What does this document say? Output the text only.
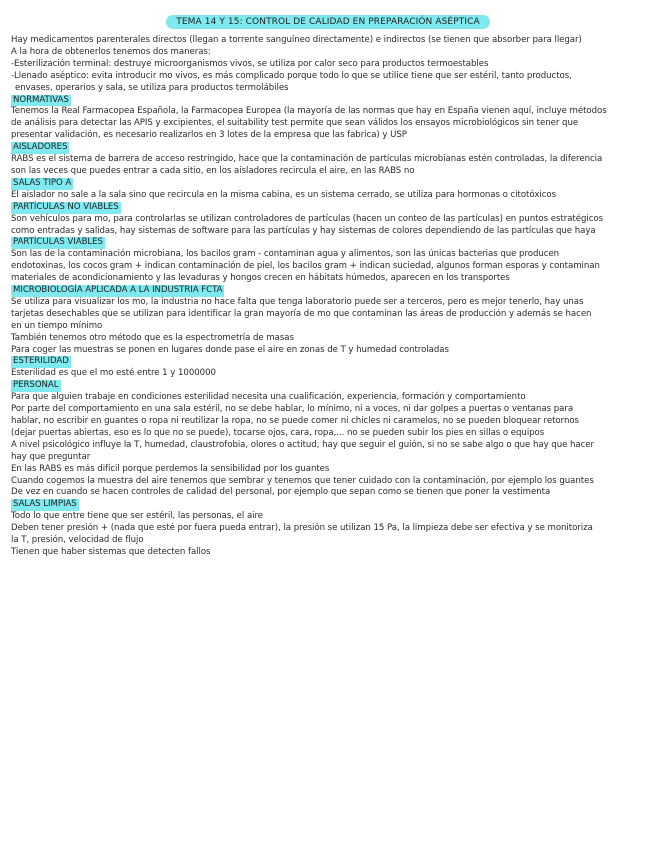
TEMA 14 Y 15: CONTROL DE CALIDAD EN PREPARACIÓN ASÉPTICA

Hay medicamentos parenterales directos (llegan a torrente sanguíneo directamente) e indirectos (se tienen que absorber para llegar)

A la hora de obtenerlos tenemos dos maneras:

-Esterilización terminal: destruye microorganismos vivos, se utiliza por calor seco para productos termoestables

-Llenado aséptico: evita introducir mo vivos, es más complicado porque todo lo que se utilice tiene que ser estéril, tanto productos,

envases, operarios y sala, se utiliza para productos termolábiles

NORMATIVAS

Tenemos la Real Farmacopea Española, la Farmacopea Europea (la mayoría de las normas que hay en España vienen aquí, incluye métodos

de análisis para detectar las APIS y excipientes, el suitability test permite que sean válidos los ensayos microbiológicos sin tener que

presentar validación, es necesario realizarlos en 3 lotes de la empresa que las fabrica) y USP

AISLADORES

RABS es el sistema de barrera de acceso restringido, hace que la contaminación de partículas microbianas estén controladas, la diferencia

son las veces que puedes entrar a cada sitio, en los aisladores recircula el aire, en las RABS no

SALAS TIPO A

El aislador no sale a la sala sino que recircula en la misma cabina, es un sistema cerrado, se utiliza para hormonas o citotóxicos

PARTÍCULAS NO VIABLES

Son vehículos para mo, para controlarlas se utilizan controladores de partículas (hacen un conteo de las partículas) en puntos estratégicos

como entradas y salidas, hay sistemas de software para las partículas y hay sistemas de colores dependiendo de las partículas que haya

PARTÍCULAS VIABLES

Son las de la contaminación microbiana, los bacilos gram - contaminan agua y alimentos, son las únicas bacterias que producen

endotoxinas, los cocos gram + indican contaminación de piel, los bacilos gram + indican suciedad, algunos forman esporas y contaminan

materiales de acondicionamiento y las levaduras y hongos crecen en hábitats húmedos, aparecen en los transportes

MICROBIOLOGÍA APLICADA A LA INDUSTRIA FCTA

Se utiliza para visualizar los mo, la industria no hace falta que tenga laboratorio puede ser a terceros, pero es mejor tenerlo, hay unas

tarjetas desechables que se utilizan para identificar la gran mayoría de mo que contaminan las áreas de producción y además se hacen

en un tiempo mínimo

También tenemos otro método que es la espectrometría de masas

Para coger las muestras se ponen en lugares donde pase el aire en zonas de T y humedad controladas

ESTERILIDAD

Esterilidad es que el mo esté entre 1 y 1000000

PERSONAL

Para que alguien trabaje en condiciones esterilidad necesita una cualificación, experiencia, formación y comportamiento

Por parte del comportamiento en una sala estéril, no se debe hablar, lo mínimo, ni a voces, ni dar golpes a puertas o ventanas para

hablar, no escribir en guantes o ropa ni reutilizar la ropa, no se puede comer ni chicles ni caramelos, no se pueden bloquear retornos

(dejar puertas abiertas, eso es lo que no se puede), tocarse ojos, cara, ropa,... no se pueden subir los pies en sillas o equipos

A nivel psicológico influye la T, humedad, claustrofobia, olores o actitud, hay que seguir el guión, si no se sabe algo o que hay que hacer

hay que preguntar

En las RABS es más difícil porque perdemos la sensibilidad por los guantes

Cuando cogemos la muestra del aire tenemos que sembrar y tenemos que tener cuidado con la contaminación, por ejemplo los guantes

De vez en cuando se hacen controles de calidad del personal, por ejemplo que sepan como se tienen que poner la vestimenta

SALAS LIMPIAS

Todo lo que entre tiene que ser estéril, las personas, el aire

Deben tener presión + (nada que esté por fuera pueda entrar), la presión se utilizan 15 Pa, la limpieza debe ser efectiva y se monitoriza

la T, presión, velocidad de flujo

Tienen que haber sistemas que detecten fallos
